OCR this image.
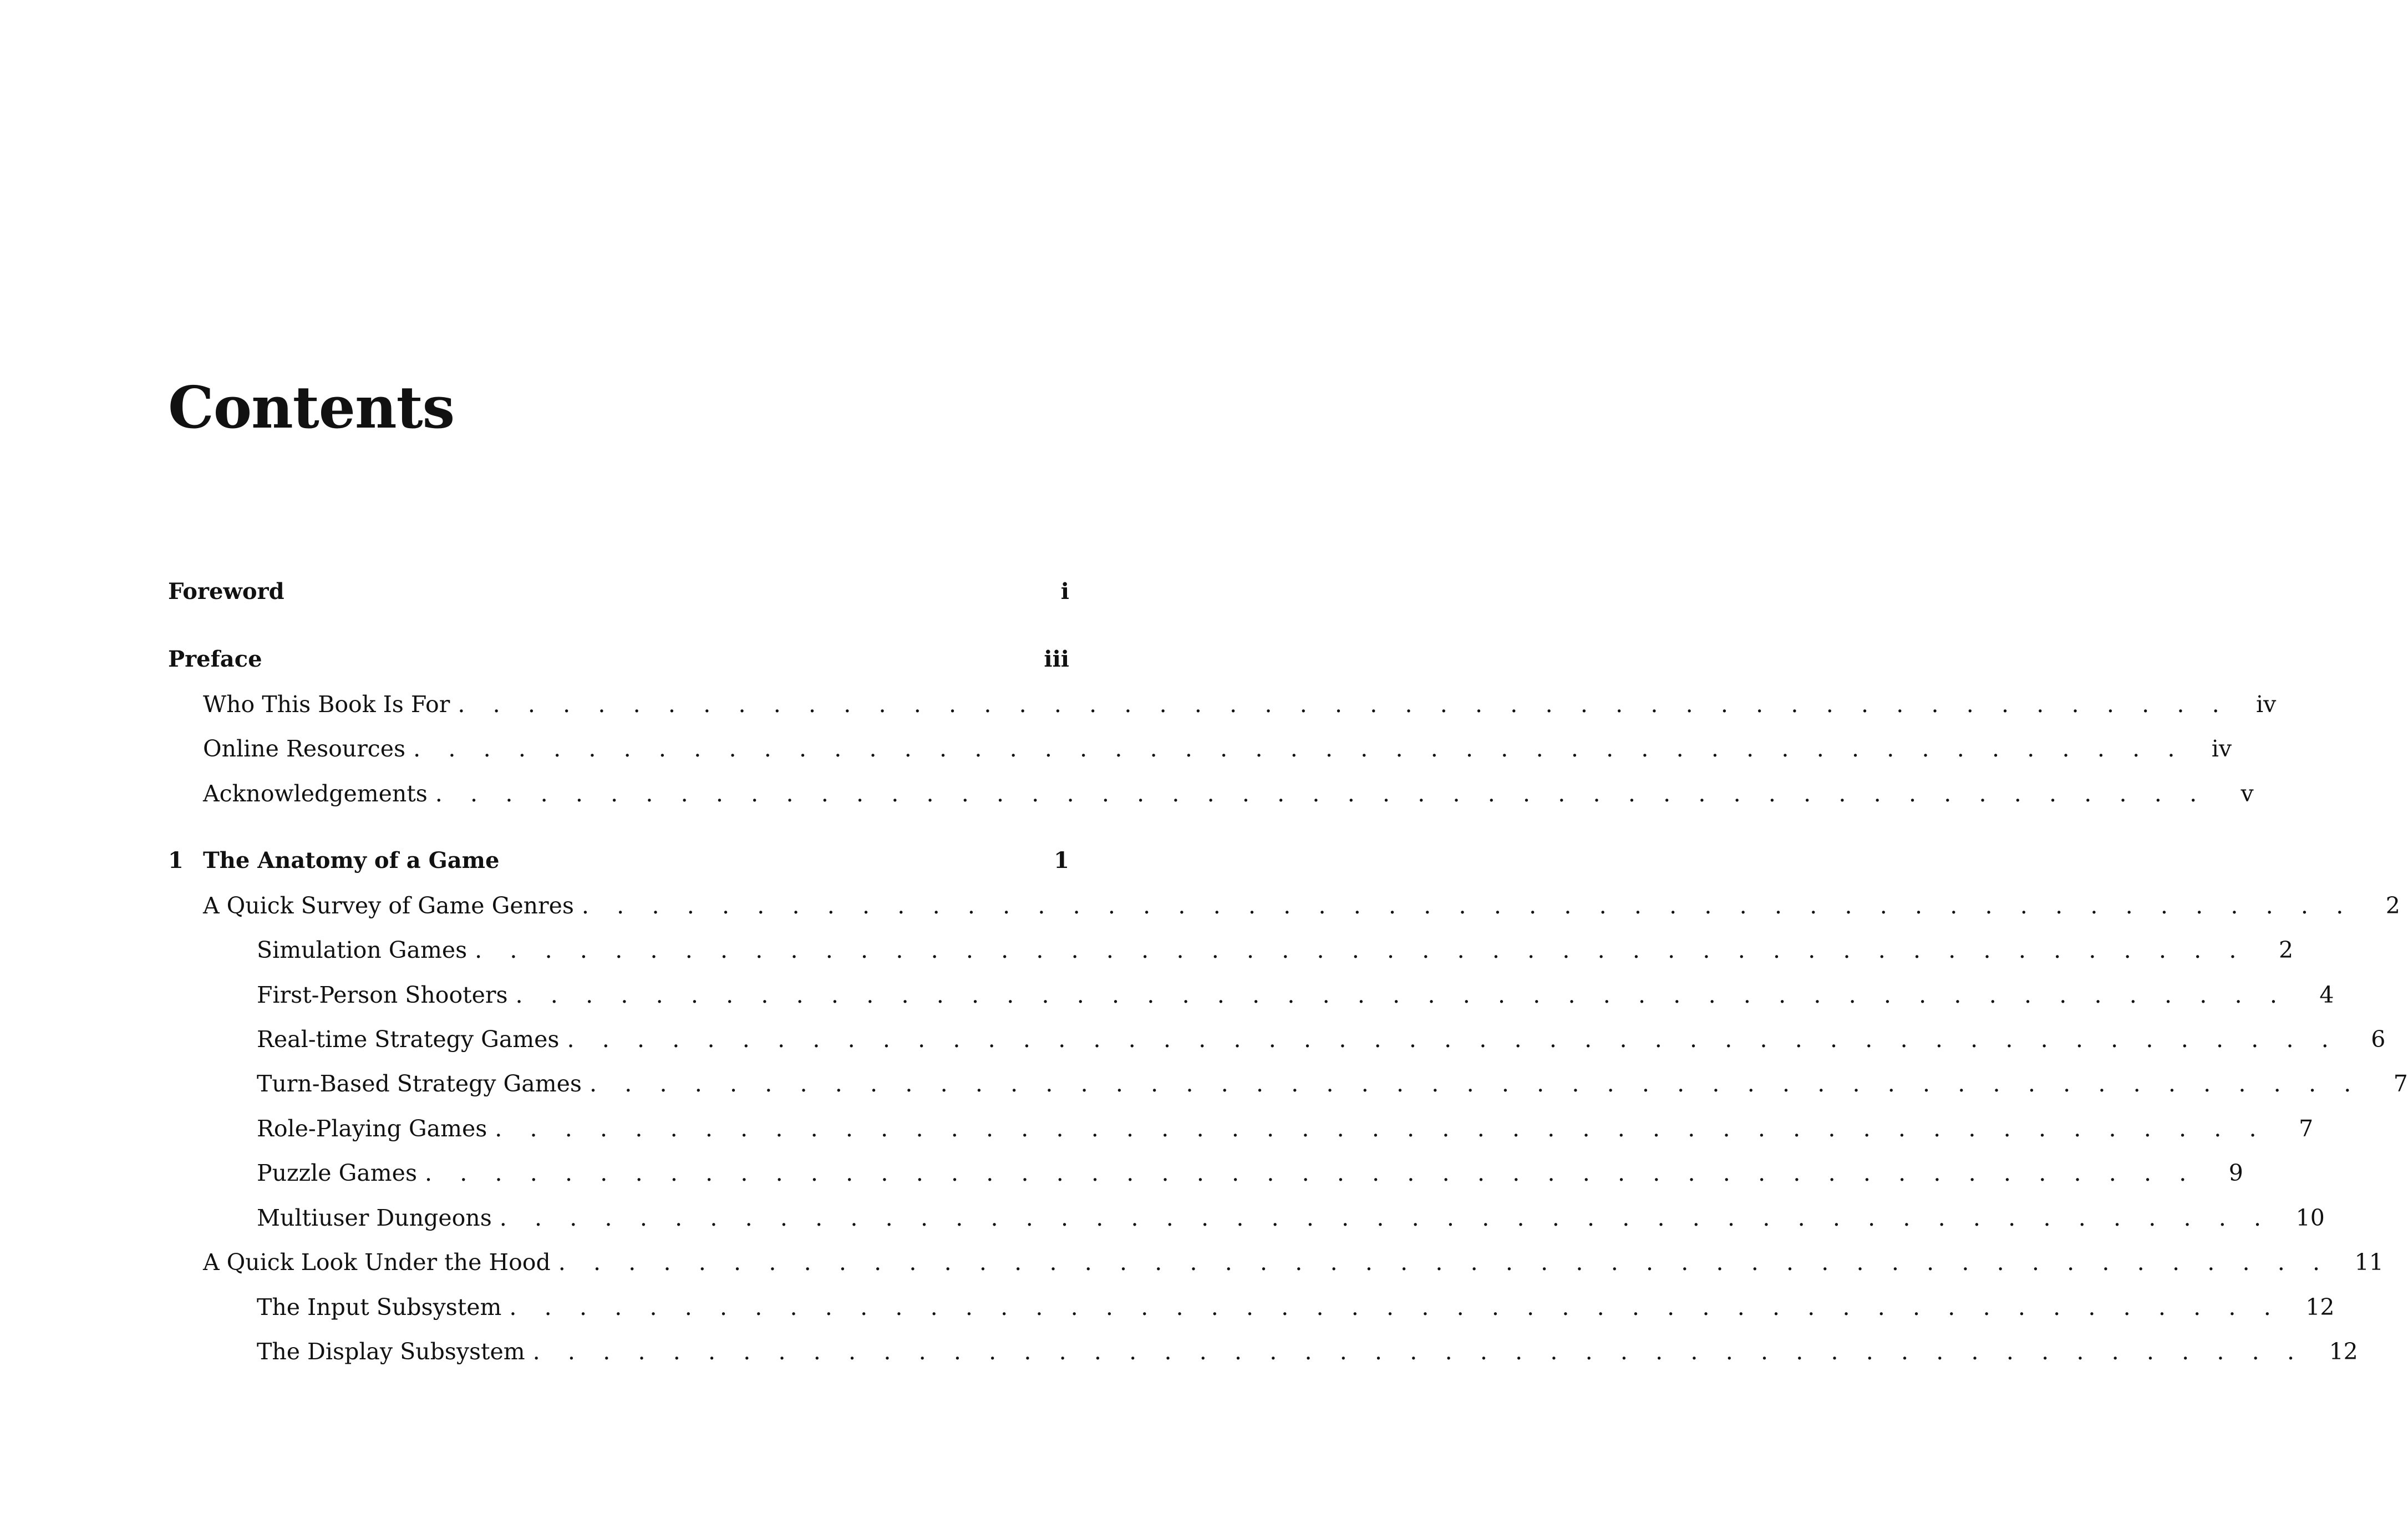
Contents
Foreword	i
Preface	iii
Who This Book Is For . . . . . . . . . . . . . . . . . . . . . . . . . . . . . . . . . . . . . . . . . . . . . . . . . . . iv
Online Resources . . . . . . . . . . . . . . . . . . . . . . . . . . . . . . . . . . . . . . . . . . . . . . . . . . . iv
Acknowledgements . . . . . . . . . . . . . . . . . . . . . . . . . . . . . . . . . . . . . . . . . . . . . . . . . . .	v
1 The Anatomy of a Game	1
A Quick Survey of Game Genres . . . . . . . . . . . . . . . . . . . . . . . . . . . . . . . . . . . . . . . . . . . . . . . . . . .	2
Simulation Games . . . . . . . . . . . . . . . . . . . . . . . . . . . . . . . . . . . . . . . . . . . . . . . . . . .	2
First-Person Shooters . . . . . . . . . . . . . . . . . . . . . . . . . . . . . . . . . . . . . . . . . . . . . . . . . . .	4
Real-time Strategy Games . . . . . . . . . . . . . . . . . . . . . . . . . . . . . . . . . . . . . . . . . . . . . . . . . . .	6
Turn-Based Strategy Games . . . . . . . . . . . . . . . . . . . . . . . . . . . . . . . . . . . . . . . . . . . . . . . . . . .	7
Role-Playing Games . . . . . . . . . . . . . . . . . . . . . . . . . . . . . . . . . . . . . . . . . . . . . . . . . . .	7
Puzzle Games . . . . . . . . . . . . . . . . . . . . . . . . . . . . . . . . . . . . . . . . . . . . . . . . . . .	9
Multiuser Dungeons . . . . . . . . . . . . . . . . . . . . . . . . . . . . . . . . . . . . . . . . . . . . . . . . . . . 10
A Quick Look Under the Hood . . . . . . . . . . . . . . . . . . . . . . . . . . . . . . . . . . . . . . . . . . . . . . . . . . . 11
The Input Subsystem . . . . . . . . . . . . . . . . . . . . . . . . . . . . . . . . . . . . . . . . . . . . . . . . . . . 12
The Display Subsystem . . . . . . . . . . . . . . . . . . . . . . . . . . . . . . . . . . . . . . . . . . . . . . . . . . . 12
